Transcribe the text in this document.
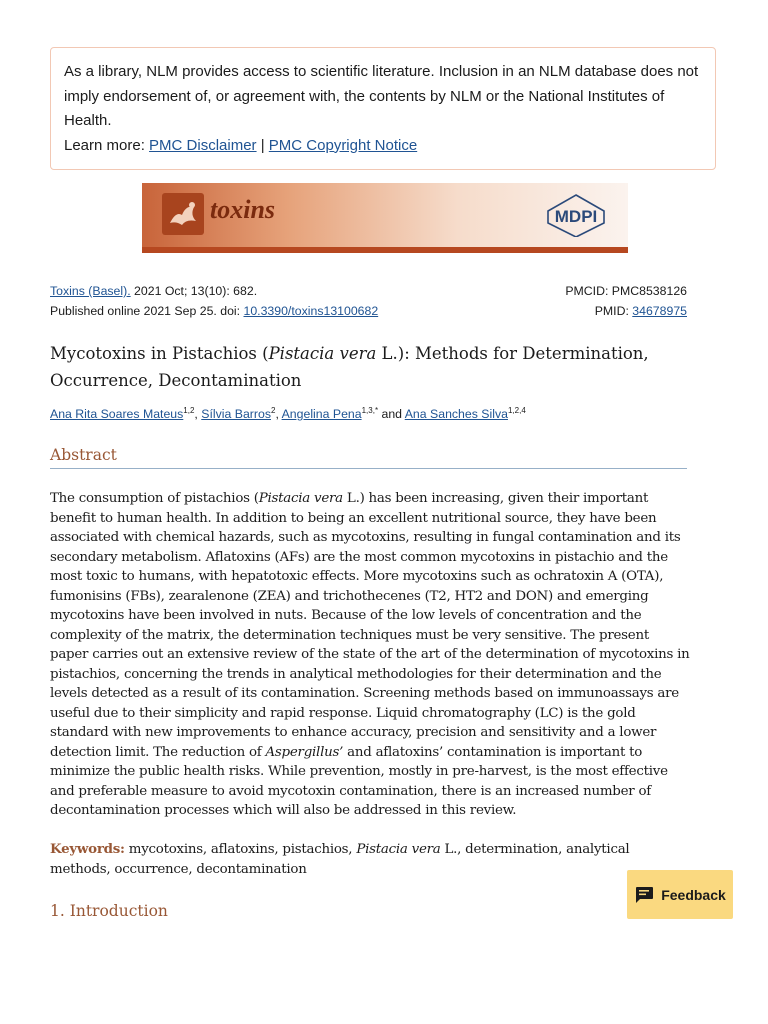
As a library, NLM provides access to scientific literature. Inclusion in an NLM database does not imply endorsement of, or agreement with, the contents by NLM or the National Institutes of Health.
Learn more: PMC Disclaimer | PMC Copyright Notice
toxins	MDPI
Toxins (Basel). 2021 Oct; 13(10): 682.
Published online 2021 Sep 25. doi: 10.3390/toxins13100682
PMCID: PMC8538126
PMID: 34678975
Mycotoxins in Pistachios (Pistacia vera L.): Methods for Determination, Occurrence, Decontamination
Ana Rita Soares Mateus$^{1,2}$, Sílvia Barros$^2$, Angelina Pena$^{1,3,*}$ and Ana Sanches Silva$^{1,2,4}$
Abstract
The consumption of pistachios (Pistacia vera L.) has been increasing, given their important benefit to human health. In addition to being an excellent nutritional source, they have been associated with chemical hazards, such as mycotoxins, resulting in fungal contamination and its secondary metabolism. Aflatoxins (AFs) are the most common mycotoxins in pistachio and the most toxic to humans, with hepatotoxic effects. More mycotoxins such as ochratoxin A (OTA), fumonisins (FBs), zearalenone (ZEA) and trichothecenes (T2, HT2 and DON) and emerging mycotoxins have been involved in nuts. Because of the low levels of concentration and the complexity of the matrix, the determination techniques must be very sensitive. The present paper carries out an extensive review of the state of the art of the determination of mycotoxins in pistachios, concerning the trends in analytical methodologies for their determination and the levels detected as a result of its contamination. Screening methods based on immunoassays are useful due to their simplicity and rapid response. Liquid chromatography (LC) is the gold standard with new improvements to enhance accuracy, precision and sensitivity and a lower detection limit. The reduction of Aspergillus’ and aflatoxins’ contamination is important to minimize the public health risks. While prevention, mostly in pre-harvest, is the most effective and preferable measure to avoid mycotoxin contamination, there is an increased number of decontamination processes which will also be addressed in this review.
Keywords: mycotoxins, aflatoxins, pistachios, Pistacia vera L., determination, analytical methods, occurrence, decontamination
1. Introduction
Feedback
